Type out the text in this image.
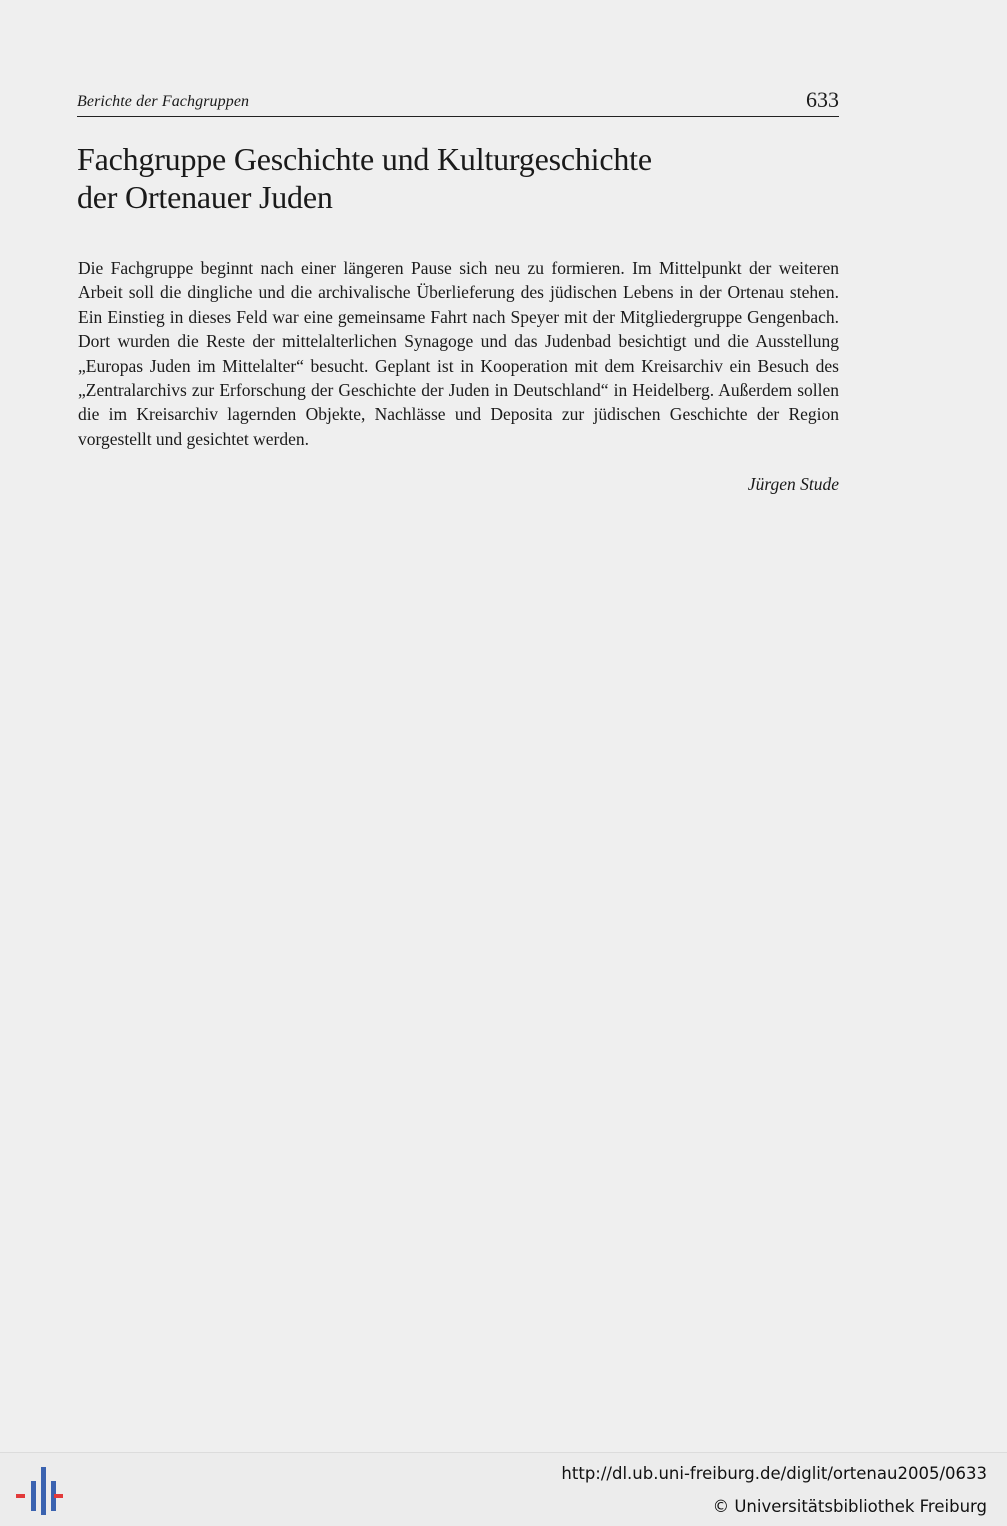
Berichte der Fachgruppen	633
Fachgruppe Geschichte und Kulturgeschichte
der Ortenauer Juden

Die Fachgruppe beginnt nach einer längeren Pause sich neu zu formieren. Im Mittelpunkt der weiteren Arbeit soll die dingliche und die archivalische Überlieferung des jüdischen Lebens in der Ortenau stehen. Ein Einstieg in dieses Feld war eine gemeinsame Fahrt nach Speyer mit der Mitgliedergruppe Gengenbach. Dort wurden die Reste der mittelalterlichen Synagoge und das Judenbad besichtigt und die Ausstellung „Europas Juden im Mittelalter“ besucht. Geplant ist in Kooperation mit dem Kreisarchiv ein Besuch des „Zentralarchivs zur Erforschung der Geschichte der Juden in Deutschland“ in Heidelberg. Außerdem sollen die im Kreisarchiv lagernden Objekte, Nachlässe und Deposita zur jüdischen Geschichte der Region vorgestellt und gesichtet werden.

Jürgen Stude
http://dl.ub.uni-freiburg.de/diglit/ortenau2005/0633
© Universitätsbibliothek Freiburg
